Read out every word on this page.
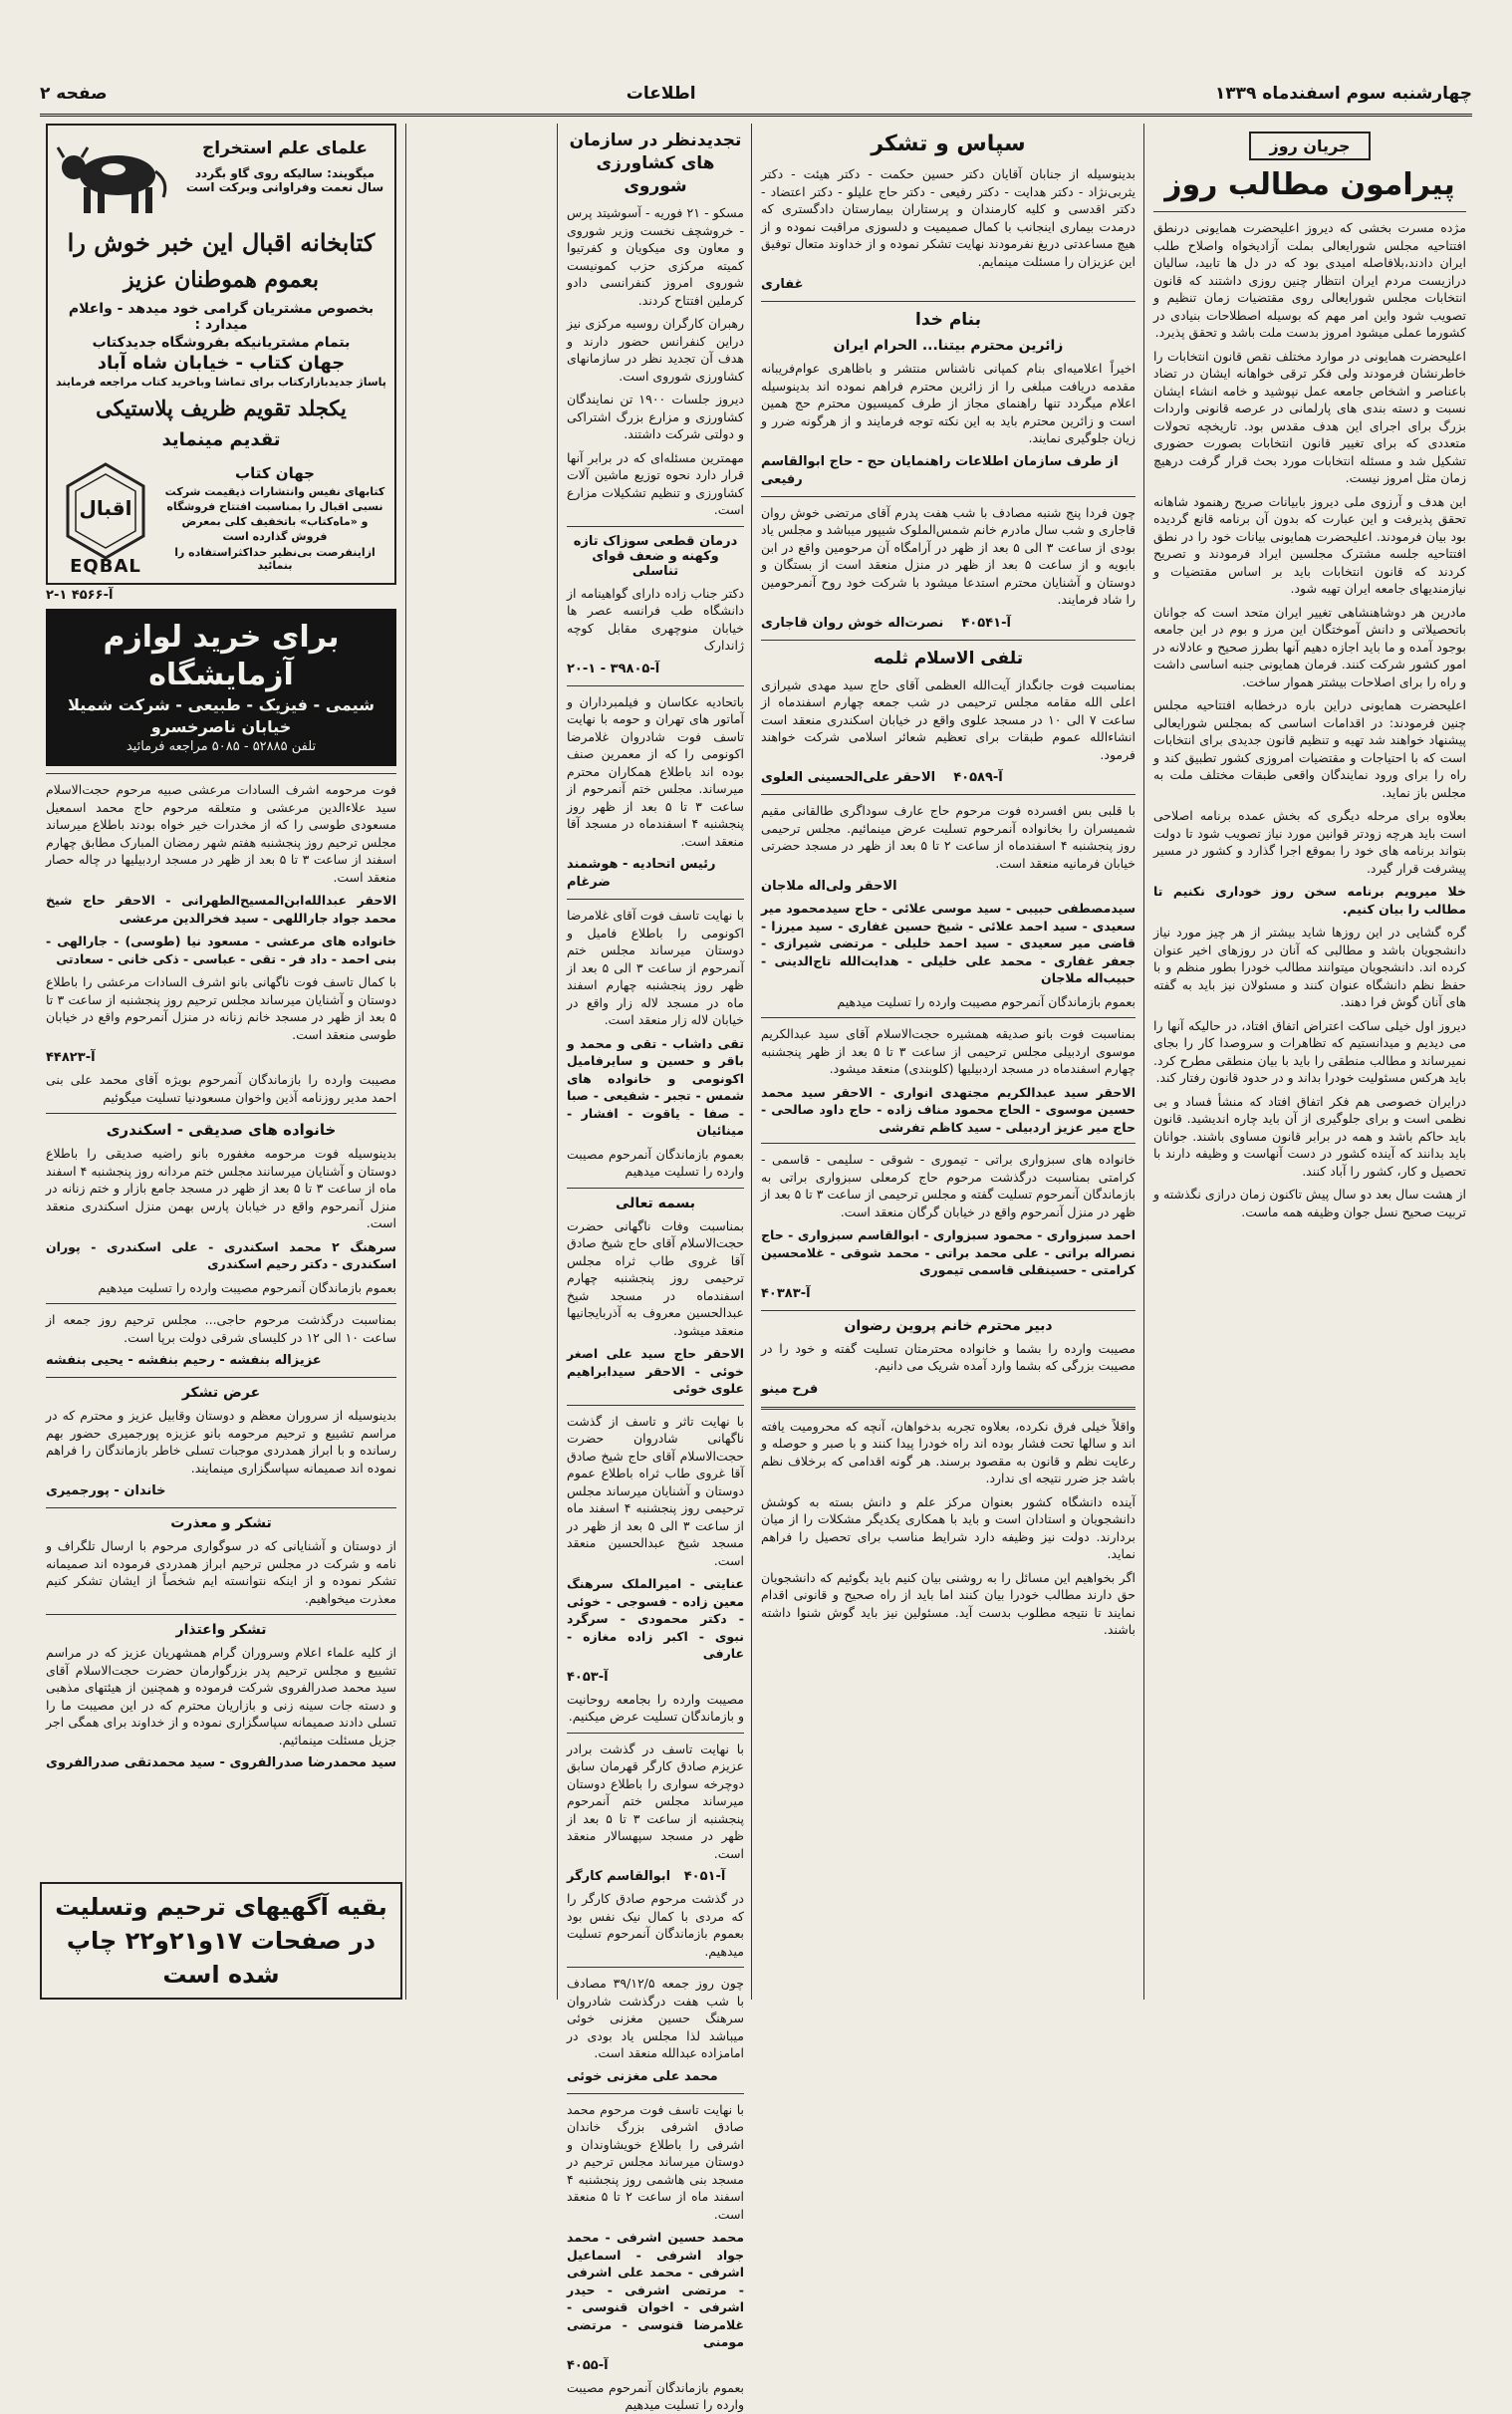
چهارشنبه سوم اسفندماه ۱۳۳۹
اطلاعات
صفحه ۲
جریان روز
پیرامون مطالب روز

مژده مسرت بخشی که دیروز اعلیحضرت همایونی درنطق افتتاحیه مجلس شورایعالی بملت آزادیخواه واصلاح طلب ایران دادند،بلافاصله امیدی بود که در دل ها تابید، سالیان درازیست مردم ایران انتظار چنین روزی داشتند که قانون انتخابات مجلس شورایعالی روی مقتضیات زمان تنظیم و تصویب شود واین امر مهم که بوسیله اصطلاحات بنیادی در کشورما عملی میشود امروز بدست ملت باشد و تحقق پذیرد.

اعلیحضرت همایونی در موارد مختلف نقص قانون انتخابات را خاطرنشان فرمودند ولی فکر ترقی خواهانه ایشان در تضاد باعناصر و اشخاص جامعه عمل نپوشید و خامه انشاء ایشان نسبت و دسته بندی های پارلمانی در عرصه قانونی واردات بزرگ برای اجرای این هدف مقدس بود. تاریخچه تحولات متعددی که برای تغییر قانون انتخابات بصورت حضوری تشکیل شد و مسئله انتخابات مورد بحث قرار گرفت درهیچ زمان مثل امروز نیست.

این هدف و آرزوی ملی دیروز بابیانات صریح رهنمود شاهانه تحقق پذیرفت و این عبارت که بدون آن برنامه قانع گردیده بود بیان فرمودند. اعلیحضرت همایونی بیانات خود را در نطق افتتاحیه جلسه مشترک مجلسین ایراد فرمودند و تصریح کردند که قانون انتخابات باید بر اساس مقتضیات و نیازمندیهای جامعه ایران تهیه شود.

مادرین هر دوشاهنشاهی تغییر ایران متحد است که جوانان باتحصیلاتی و دانش آموختگان این مرز و بوم در این جامعه بوجود آمده و ما باید اجازه دهیم آنها بطرز صحیح و عادلانه در امور کشور شرکت کنند. فرمان همایونی جنبه اساسی داشت و راه را برای اصلاحات بیشتر هموار ساخت.

اعلیحضرت همایونی دراین باره درخطابه افتتاحیه مجلس چنین فرمودند: در اقدامات اساسی که بمجلس شورایعالی پیشنهاد خواهند شد تهیه و تنظیم قانون جدیدی برای انتخابات است که با احتیاجات و مقتضیات امروزی کشور تطبیق کند و راه را برای ورود نمایندگان واقعی طبقات مختلف ملت به مجلس باز نماید.

بعلاوه برای مرحله دیگری که بخش عمده برنامه اصلاحی است باید هرچه زودتر قوانین مورد نیاز تصویب شود تا دولت بتواند برنامه های خود را بموقع اجرا گذارد و کشور در مسیر پیشرفت قرار گیرد.

خلا میرویم برنامه سخن روز خوداری نکنیم تا مطالب را بیان کنیم.

گره گشایی در این روزها شاید بیشتر از هر چیز مورد نیاز دانشجویان باشد و مطالبی که آنان در روزهای اخیر عنوان کرده اند. دانشجویان میتوانند مطالب خودرا بطور منظم و با حفظ نظم دانشگاه عنوان کنند و مسئولان نیز باید به گفته های آنان گوش فرا دهند.

دیروز اول خیلی ساکت اعتراض اتفاق افتاد، در حالیکه آنها را می دیدیم و میدانستیم که تظاهرات و سروصدا کار را بجای نمیرساند و مطالب منطقی را باید با بیان منطقی مطرح کرد. باید هرکس مسئولیت خودرا بداند و در حدود قانون رفتار کند.

درایران خصوصی هم فکر اتفاق افتاد که منشأ فساد و بی نظمی است و برای جلوگیری از آن باید چاره اندیشید. قانون باید حاکم باشد و همه در برابر قانون مساوی باشند. جوانان باید بدانند که آینده کشور در دست آنهاست و وظیفه دارند با تحصیل و کار، کشور را آباد کنند.

از هشت سال بعد دو سال پیش تاکنون زمان درازی نگذشته و تربیت صحیح نسل جوان وظیفه همه ماست.

سپاس و تشکر

بدینوسیله از جنابان آقایان دکتر حسین حکمت - دکتر هیئت - دکتر یثربی‌نژاد - دکتر هدایت - دکتر رفیعی - دکتر حاج علیلو - دکتر اعتضاد - دکتر اقدسی و کلیه کارمندان و پرستاران بیمارستان دادگستری که درمدت بیماری اینجانب با کمال صمیمیت و دلسوزی مراقبت نموده و از هیچ مساعدتی دریغ نفرمودند نهایت تشکر نموده و از خداوند متعال توفیق این عزیزان را مسئلت مینمایم.

غفاری
بنام خدا
زائرین محترم بیتنا... الحرام ایران

اخیراً اعلامیه‌ای بنام کمپانی ناشناس منتشر و باظاهری عوام‌فریبانه مقدمه دریافت مبلغی را از زائرین محترم فراهم نموده اند بدینوسیله اعلام میگردد تنها راهنمای مجاز از طرف کمیسیون محترم حج همین است و زائرین محترم باید به این نکته توجه فرمایند و از هرگونه ضرر و زیان جلوگیری نمایند.

از طرف سازمان اطلاعات راهنمایان حج - حاج ابوالقاسم رفیعی

چون فردا پنج شنبه مصادف با شب هفت پدرم آقای مرتضی خوش روان قاجاری و شب سال مادرم خانم شمس‌الملوک شیپور میباشد و مجلس یاد بودی از ساعت ۳ الی ۵ بعد از ظهر در آرامگاه آن مرحومین واقع در ابن بابویه و از ساعت ۵ بعد از ظهر در منزل منعقد است از بستگان و دوستان و آشنایان محترم استدعا میشود با شرکت خود روح آنمرحومین را شاد فرمایند.

آ-۴۰۵۴۱    نصرت‌اله خوش روان قاجاری
تلفی الاسلام ثلمه

بمناسبت فوت جانگداز آیت‌الله العظمی آقای حاج سید مهدی شیرازی اعلی الله مقامه مجلس ترحیمی در شب جمعه چهارم اسفندماه از ساعت ۷ الی ۱۰ در مسجد علوی واقع در خیابان اسکندری منعقد است انشاءالله عموم طبقات برای تعظیم شعائر اسلامی شرکت خواهند فرمود.

آ-۴۰۵۸۹    الاحقر علی‌الحسینی العلوی

با قلبی بس افسرده فوت مرحوم حاج عارف سوداگری طالقانی مقیم شمیسران را بخانواده آنمرحوم تسلیت عرض مینمائیم. مجلس ترحیمی روز پنجشنبه ۴ اسفندماه از ساعت ۲ تا ۵ بعد از ظهر در مسجد حضرتی خیابان فرمانیه منعقد است.

الاحقر ولی‌اله ملاجان

سیدمصطفی حبیبی - سید موسی علائی - حاج سیدمحمود میر سعیدی - سید احمد علائی - شیخ حسین غفاری - سید میرزا - قاضی میر سعیدی - سید احمد خلیلی - مرتضی شیرازی - جعفر غفاری - محمد علی خلیلی - هدایت‌الله تاج‌الدینی - حبیب‌اله ملاجان

بعموم بازماندگان آنمرحوم مصیبت وارده را تسلیت میدهیم

بمناسبت فوت بانو صدیقه همشیره حجت‌الاسلام آقای سید عبدالکریم موسوی اردبیلی مجلس ترحیمی از ساعت ۳ تا ۵ بعد از ظهر پنجشنبه چهارم اسفندماه در مسجد اردبیلیها (کلوبندی) منعقد میشود.

الاحقر سید عبدالکریم مجتهدی انواری - الاحقر سید محمد حسین موسوی - الحاج محمود مناف زاده - حاج داود صالحی - حاج میر عزیز اردبیلی - سید کاظم تفرشی

خانواده های سبزواری براتی - تیموری - شوقی - سلیمی - قاسمی - کرامتی بمناسبت درگذشت مرحوم حاج کرمعلی سبزواری براتی به بازماندگان آنمرحوم تسلیت گفته و مجلس ترحیمی از ساعت ۳ تا ۵ بعد از ظهر در منزل آنمرحوم واقع در خیابان گرگان منعقد است.

احمد سبزواری - محمود سبزواری - ابوالقاسم سبزواری - حاج نصراله براتی - علی محمد براتی - محمد شوقی - غلامحسین کرامتی - حسینقلی قاسمی تیموری

آ-۴۰۳۸۳
دبیر محترم خانم پروین رضوان

مصیبت وارده را بشما و خانواده محترمتان تسلیت گفته و خود را در مصیبت بزرگی که بشما وارد آمده شریک می دانیم.

فرح مینو

واقلاً خیلی فرق نکرده، بعلاوه تجربه بدخواهان، آنچه که محرومیت یافته اند و سالها تحت فشار بوده اند راه خودرا پیدا کنند و با صبر و حوصله و رعایت نظم و قانون به مقصود برسند. هر گونه اقدامی که برخلاف نظم باشد جز ضرر نتیجه ای ندارد.

آینده دانشگاه کشور بعنوان مرکز علم و دانش بسته به کوشش دانشجویان و استادان است و باید با همکاری یکدیگر مشکلات را از میان بردارند. دولت نیز وظیفه دارد شرایط مناسب برای تحصیل را فراهم نماید.

اگر بخواهیم این مسائل را به روشنی بیان کنیم باید بگوئیم که دانشجویان حق دارند مطالب خودرا بیان کنند اما باید از راه صحیح و قانونی اقدام نمایند تا نتیجه مطلوب بدست آید. مسئولین نیز باید گوش شنوا داشته باشند.

تجدیدنظر در سازمان های کشاورزی شوروی

مسکو - ۲۱ فوریه - آسوشیتد پرس - خروشچف نخست وزیر شوروی و معاون وی میکویان و کفرتیوا کمیته مرکزی حزب کمونیست شوروی امروز کنفرانسی دادو کرملین افتتاح کردند.

رهبران کارگران روسیه مرکزی نیز دراین کنفرانس حضور دارند و هدف آن تجدید نظر در سازمانهای کشاورزی شوروی است.

دیروز جلسات ۱۹۰۰ تن نمایندگان کشاورزی و مزارع بزرگ اشتراکی و دولتی شرکت داشتند.

مهمترین مسئله‌ای که در برابر آنها قرار دارد نحوه توزیع ماشین آلات کشاورزی و تنظیم تشکیلات مزارع است.

درمان قطعی سوزاک تازه وکهنه و ضعف قوای تناسلی

دکتر جناب زاده دارای گواهینامه از دانشگاه طب فرانسه عصر ها خیابان منوچهری مقابل کوچه ژاندارک

آ-۳۹۸۰۵ - ۱-۲۰

باتحادیه عکاسان و فیلمبرداران و آماتور های تهران و حومه با نهایت تاسف فوت شادروان غلامرضا اکونومی را که از معمرین صنف بوده اند باطلاع همکاران محترم میرساند. مجلس ختم آنمرحوم از ساعت ۳ تا ۵ بعد از ظهر روز پنجشنبه ۴ اسفندماه در مسجد آقا منعقد است.

رئیس اتحادیه - هوشمند ضرغام

با نهایت تاسف فوت آقای غلامرضا اکونومی را باطلاع فامیل و دوستان میرساند مجلس ختم آنمرحوم از ساعت ۳ الی ۵ بعد از ظهر روز پنجشنبه چهارم اسفند ماه در مسجد لاله زار واقع در خیابان لاله زار منعقد است.

تقی داشاب - تقی و محمد و باقر و حسین و سایرفامیل اکونومی و خانواده های شمس - تجبر - شفیعی - صبا - صفا - یاقوت - افشار - مینائیان

بعموم بازماندگان آنمرحوم مصیبت وارده را تسلیت میدهیم

بسمه تعالی

بمناسبت وفات ناگهانی حضرت حجت‌الاسلام آقای حاج شیخ صادق آقا غروی طاب ثراه مجلس ترحیمی روز پنجشنبه چهارم اسفندماه در مسجد شیخ عبدالحسین معروف به آذربایجانیها منعقد میشود.

الاحقر حاج سید علی اصغر خوئی - الاحقر سیدابراهیم علوی خوئی

با نهایت تاثر و تاسف از گذشت ناگهانی شادروان حضرت حجت‌الاسلام آقای حاج شیخ صادق آقا غروی طاب ثراه باطلاع عموم دوستان و آشنایان میرساند مجلس ترحیمی روز پنجشنبه ۴ اسفند ماه از ساعت ۳ الی ۵ بعد از ظهر در مسجد شیخ عبدالحسین منعقد است.

عنایتی - امیرالملک سرهنگ معین زاده - فسوجی - خوئی - دکتر محمودی - سرگرد نبوی - اکبر زاده مغازه - عارفی

آ-۴۰۵۳

مصیبت وارده را بجامعه روحانیت و بازماندگان تسلیت عرض میکنیم.

با نهایت تاسف در گذشت برادر عزیزم صادق کارگر قهرمان سابق دوچرخه سواری را باطلاع دوستان میرساند مجلس ختم آنمرحوم پنجشنبه از ساعت ۳ تا ۵ بعد از ظهر در مسجد سپهسالار منعقد است.

آ-۴۰۵۱   ابوالقاسم کارگر

در گذشت مرحوم صادق کارگر را که مردی با کمال نیک نفس بود بعموم بازماندگان آنمرحوم تسلیت میدهیم.

چون روز جمعه ۳۹/۱۲/۵ مصادف با شب هفت درگذشت شادروان سرهنگ حسین مغزنی خوئی میباشد لذا مجلس یاد بودی در امامزاده عبدالله منعقد است.

محمد علی مغزنی خوئی

با نهایت تاسف فوت مرحوم محمد صادق اشرفی بزرگ خاندان اشرفی را باطلاع خویشاوندان و دوستان میرساند مجلس ترحیم در مسجد بنی هاشمی روز پنجشنبه ۴ اسفند ماه از ساعت ۲ تا ۵ منعقد است.

محمد حسین اشرفی - محمد جواد اشرفی - اسماعیل اشرفی - محمد علی اشرفی - مرتضی اشرفی - حیدر اشرفی - اخوان قنوسی - غلامرضا قنوسی - مرتضی مومنی

آ-۴۰۵۵

بعموم بازماندگان آنمرحوم مصیبت وارده را تسلیت میدهیم

علمای علم استخراج
میگویند: سالیکه روی گاو بگردد سال نعمت وفراوانی وبرکت است
کتابخانه اقبال این خبر خوش را
بعموم هموطنان عزیز
بخصوص مشتریان گرامی خود میدهد - واعلام میدارد :
بتمام مشتریانیکه بفروشگاه جدیدکتاب
جهان کتاب - خیابان شاه آباد
پاساژ جدیدبازارکتاب برای تماشا وباخرید کتاب مراجعه فرمایند
یکجلد تقویم ظریف پلاستیکی
تقدیم مینماید
جهان کتاب
کتابهای نفیس وانتشارات ذیقیمت شرکت نسبی اقبال را بمناسبت افتتاح فروشگاه و «ماه‌کتاب» باتخفیف کلی بمعرض فروش گذارده است
ازاینفرصت بی‌نظیر حداکثراستفاده را بنمائید
اقبال
EQBAL
آ-۴۵۶۶ ۱-۲
برای خرید لوازم آزمایشگاه
شیمی - فیزیک - طبیعی - شرکت شمیلا خیابان ناصرخسرو
تلفن ۵۲۸۸۵ - ۵۰۸۵ مراجعه فرمائید

فوت مرحومه اشرف السادات مرعشی صبیه مرحوم حجت‌الاسلام سید علاءالدین مرعشی و متعلقه مرحوم حاج محمد اسمعیل مسعودی طوسی را که از مخدرات خیر خواه بودند باطلاع میرساند مجلس ترحیم روز پنجشنبه هفتم شهر رمضان المبارک مطابق چهارم اسفند از ساعت ۳ تا ۵ بعد از ظهر در مسجد اردبیلیها در چاله حصار منعقد است.

الاحقر عبدالله‌ابن‌المسیح‌الطهرانی - الاحقر حاج شیخ محمد جواد جاراللهی - سید فخرالدین مرعشی

خانواده های مرعشی - مسعود نیا (طوسی) - جارالهی - بنی احمد - داد فر - تقی - عباسی - ذکی خانی - سعادتی

با کمال تاسف فوت ناگهانی بانو اشرف السادات مرعشی را باطلاع دوستان و آشنایان میرساند مجلس ترحیم روز پنجشنبه از ساعت ۳ تا ۵ بعد از ظهر در مسجد خانم زنانه در منزل آنمرحوم واقع در خیابان طوسی منعقد است.

آ-۴۴۸۲۳

مصیبت وارده را بازماندگان آنمرحوم بویژه آقای محمد علی بنی احمد مدیر روزنامه آذین واخوان مسعودنیا تسلیت میگوئیم

خانواده های صدیقی - اسکندری

بدینوسیله فوت مرحومه مغفوره بانو راضیه صدیقی را باطلاع دوستان و آشنایان میرسانند مجلس ختم مردانه روز پنجشنبه ۴ اسفند ماه از ساعت ۳ تا ۵ بعد از ظهر در مسجد جامع بازار و ختم زنانه در منزل آنمرحوم واقع در خیابان پارس بهمن منزل اسکندری منعقد است.

سرهنگ ۲ محمد اسکندری - علی اسکندری - پوران اسکندری - دکتر رحیم اسکندری

بعموم بازماندگان آنمرحوم مصیبت وارده را تسلیت میدهیم

بمناسبت درگذشت مرحوم حاجی... مجلس ترحیم روز جمعه از ساعت ۱۰ الی ۱۲ در کلیسای شرقی دولت برپا است.

عزیزاله بنفشه - رحیم بنفشه - یحیی بنفشه
عرض تشکر

بدینوسیله از سروران معظم و دوستان وقابیل عزیز و محترم که در مراسم تشییع و ترحیم مرحومه بانو عزیزه پورجمیری حضور بهم رسانده و با ابراز همدردی موجبات تسلی خاطر بازماندگان را فراهم نموده اند صمیمانه سپاسگزاری مینمایند.

خاندان - پورجمیری
تشکر و معذرت

از دوستان و آشنایانی که در سوگواری مرحوم با ارسال تلگراف و نامه و شرکت در مجلس ترحیم ابراز همدردی فرموده اند صمیمانه تشکر نموده و از اینکه نتوانسته ایم شخصاً از ایشان تشکر کنیم معذرت میخواهیم.

تشکر واعتذار

از کلیه علماء اعلام وسروران گرام همشهریان عزیز که در مراسم تشییع و مجلس ترحیم پدر بزرگوارمان حضرت حجت‌الاسلام آقای سید محمد صدرالفروی شرکت فرموده و همچنین از هیئتهای مذهبی و دسته جات سینه زنی و بازاریان محترم که در این مصیبت ما را تسلی دادند صمیمانه سپاسگزاری نموده و از خداوند برای همگی اجر جزیل مسئلت مینمائیم.

سید محمدرضا صدرالفروی - سید محمدتقی صدرالفروی
بقیه آگهیهای ترحیم وتسلیت در صفحات ۱۷و۲۱و۲۲ چاپ شده است
